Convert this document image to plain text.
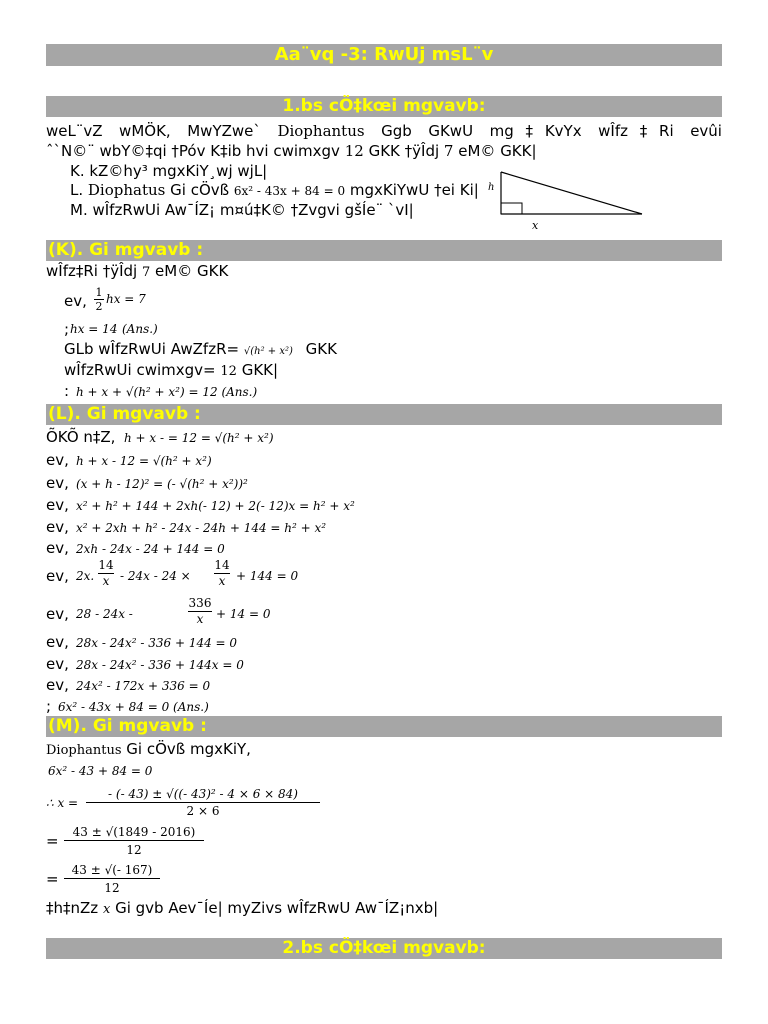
Aa¨vq -3: RwUj msL¨v
1.bs cÖ‡kœi mgvavb:
weL¨vZ wMÖK, MwYZwe` Diophantus Ggb GKwU mg‡KvYx wÎfz‡Ri evûi
ˆ`N©¨ wbY©‡qi †Póv K‡ib hvi cwimxgv 12 GKK †ÿÎdj 7 eM© GKK|
K. kZ©hy³ mgxKiY¸wj wjL|
L. Diophatus Gi cÖvß 6x² - 43x + 84 = 0 mgxKiYwU †ei Ki|
M. wÎfzRwUi Aw¯ÍZ¡ m¤ú‡K© †Zvgvi gšÍe¨ `vI|
h
x
(K). Gi mgvavb :
wÎfz‡Ri †ÿÎdj 7 eM© GKK
ev, $\frac{1}{2}$ hx = 7
; hx = 14 (Ans.)
GLb wÎfzRwUi AwZfzR= √(h² + x²) GKK
wÎfzRwUi cwimxgv= 12 GKK|
: h + x + √(h² + x²) = 12 (Ans.)
(L). Gi mgvavb :
ÕKÕ n‡Z, h + x - = 12 = √(h² + x²)
ev, h + x - 12 = √(h² + x²)
ev, (x + h - 12)² = (- √(h² + x²))²
ev, x² + h² + 144 + 2xh(- 12) + 2(- 12)x = h² + x²
ev, x² + 2xh + h² - 24x - 24h + 144 = h² + x²
ev, 2xh - 24x - 24 + 144 = 0
ev, 2x. $\frac{14}{x} - 24x - 24 \times \frac{14}{x} + 144 = 0$
ev, 28 - 24x -	$\frac{336}{x} + 14 = 0$
ev, 28x - 24x² - 336 + 144 = 0
ev, 28x - 24x² - 336 + 144x = 0
ev, 24x² - 172x + 336 = 0
; 6x² - 43x + 84 = 0 (Ans.)
(M). Gi mgvavb :
Diophantus Gi cÖvß mgxKiY,
6x² - 43 + 84 = 0
∴ $x = \frac{\text{- (- 43) ± √((- 43)² - 4 × 6 × 84)}}{2 \times 6}$
= $\frac{43 \pm √(1849 - 2016)}{12}$
= $\frac{43 \pm √(- 167)}{12}$
‡h‡nZz x Gi gvb Aev¯Íe| myZivs wÎfzRwU Aw¯ÍZ¡nxb|
2.bs cÖ‡kœi mgvavb:
